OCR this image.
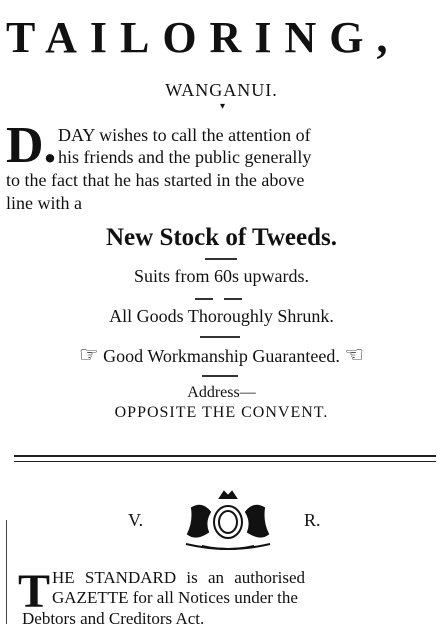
TAILORING,
WANGANUI.
▾
D. DAY wishes to call the attention of
his friends and the public generally
to the fact that he has started in the above
line with a
New Stock of Tweeds.
Suits from 60s upwards.
All Goods Thoroughly Shrunk.
☞ Good Workmanship Guaranteed. ☜
Address—
OPPOSITE THE CONVENT.
V.	R.
T HE STANDARD is an authorised
GAZETTE for all Notices under the
Debtors and Creditors Act.
